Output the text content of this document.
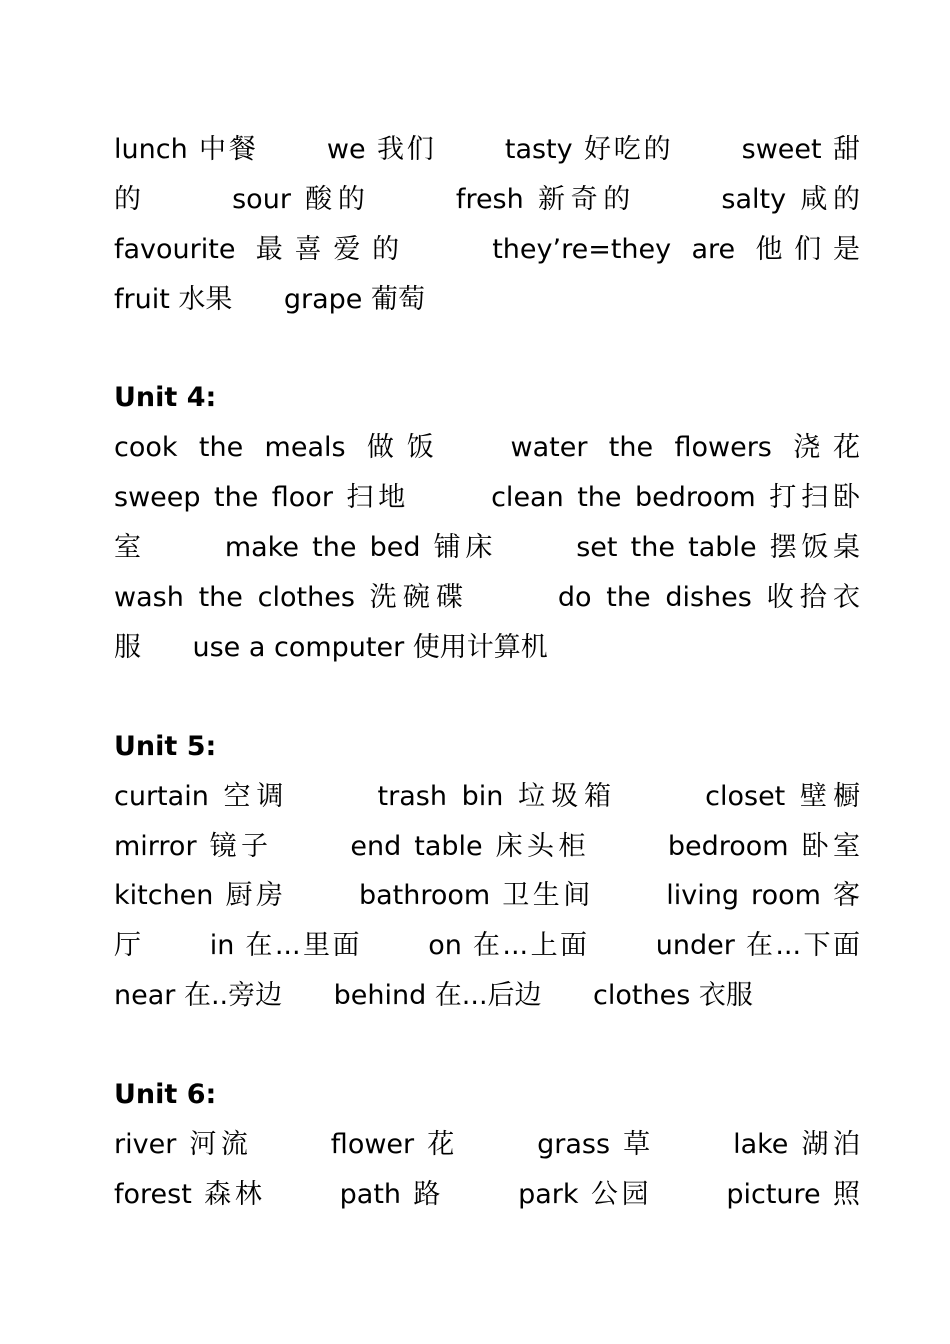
lunch 中餐      we 我们      tasty 好吃的      sweet 甜
的      sour 酸的      fresh 新奇的      salty 咸的
favourite 最喜爱的    they’re=they are 他们是
fruit 水果      grape 葡萄
Unit 4:
cook the meals 做饭   water the flowers 浇花
sweep the floor 扫地      clean the bedroom 打扫卧
室      make the bed 铺床      set the table 摆饭桌
wash the clothes 洗碗碟      do the dishes 收拾衣
服      use a computer 使用计算机
Unit 5:
curtain 空调      trash bin 垃圾箱      closet 壁橱
mirror 镜子      end table 床头柜      bedroom 卧室
kitchen 厨房      bathroom 卫生间      living room 客
厅      in 在...里面      on 在...上面      under 在...下面
near 在..旁边      behind 在...后边      clothes 衣服
Unit 6:
river 河流      flower 花      grass 草      lake 湖泊
forest 森林      path 路      park 公园      picture 照
